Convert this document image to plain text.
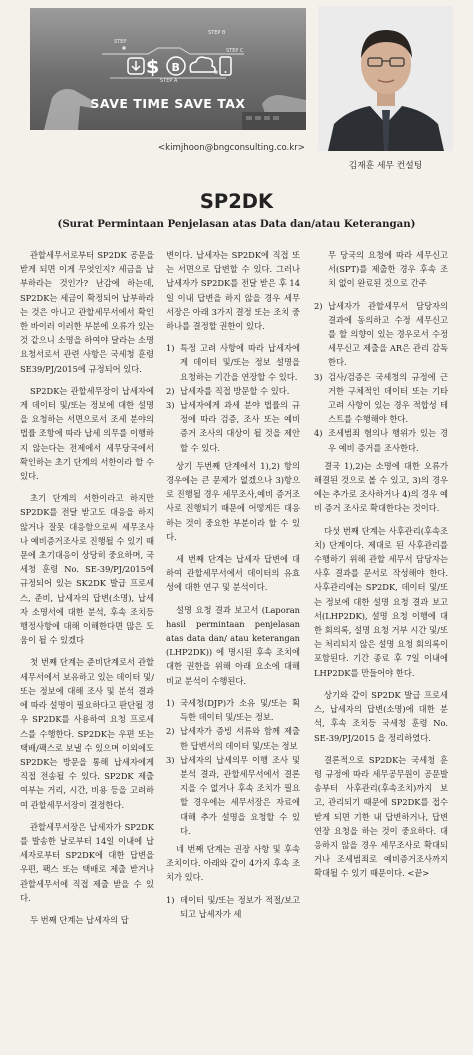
STEP
STEP B
STEP C
STEP A
$ B
SAVE TIME SAVE TAX
<kimjhoon@bngconsulting.co.kr>
김재훈 세무 컨설팅
SP2DK
(Surat Permintaan Penjelasan atas Data dan/atau Keterangan)

관할세무서로부터 SP2DK 공문을 받게 되면 이게 무엇인지? 세금을 납부하라는 것인가? 난감에 하는데, SP2DK는 세금이 확정되어 납부하라는 것은 아니고 관할세무서에서 확인한 바이러 이러한 부분에 오류가 있는 것 같으니 소명을 하여야 달라는 소명요청서로서 관련 사항은 국세청 훈령 SE39/PJ/2015에 규정되어 있다.

SP2DK는 관할세무장이 납세자에게 데이터 및/또는 정보에 대한 설명을 요청하는 서면으로서 조세 분야의 법률 조항에 따라 납세 의무를 이행하지 않는다는 전제에서 세무당국에서 확인하는 초기 단계의 서한이라 할 수 있다.

초기 단계의 서한이라고 하지만 SP2DK를 전달 받고도 대응을 하지 않거나 잘못 대응함으로써 세무조사나 예비증거조사로 진행될 수 있기 때문에 초기대응이 상당히 중요하며, 국세청 훈령 No. SE-39/PJ/2015에 규정되어 있는 SK2DK 발급 프로세스, 준비, 납세자의 답변(소명), 납세자 소명서에 대한 분석, 후속 조치등 행정사항에 대해 이해한다면 많은 도움이 될 수 있겠다

첫 번째 단계는 준비단계로서 관할세무서에서 보유하고 있는 데이터 및/또는 정보에 대해 조사 및 분석 결과에 따라 설명이 필요하다고 판단될 경우 SP2DK를 사용하여 요청 프로세스를 수행한다. SP2DK는 우편 또는 택배/팩스로 보낼 수 있으며 이외에도 SP2DK는 방문을 통해 납세자에게 직접 전송될 수 있다. SP2DK 제출 여부는 거리, 시간, 비용 등을 고려하여 관할세무서장이 결정한다.

관할세무서장은 납세자가 SP2DK를 발송한 날로부터 14일 이내에 납세자로부터 SP2DK에 대한 답변을 우편, 팩스 또는 택배로 제출 받거나 관할세무서에 직접 제출 받을 수 있다.

두 번째 단계는 납세자의 답

변이다. 납세자는 SP2DK에 직접 또는 서면으로 답변할 수 있다. 그러나 납세자가 SP2DK를 전달 받은 후 14일 이내 답변을 하지 않을 경우 세무서장은 아래 3가지 결정 또는 조치 중 하나를 결정할 권한이 있다.

1) 특정 고려 사항에 따라 납세자에게 데이터 및/또는 정보 설명을 요청하는 기간을 연장할 수 있다.
2) 납세자를 직접 방문할 수 있다.
3) 납세자에게 과세 분야 법률의 규정에 따라 검증, 조사 또는 예비 증거 조사의 대상이 될 것을 제안할 수 있다.

상기 두번째 단계에서 1),2) 항의 경우에는 큰 문제가 없겠으나 3)항으로 진행될 경우 세무조사,예비 증거조사로 진행되기 때문에 어떻게든 대응하는 것이 중요한 부분이라 할 수 있다.

세 번째 단계는 납세자 답변에 대하여 관할세무서에서 데이터의 유효성에 대한 연구 및 분석이다.

설명 요청 결과 보고서 (Laporan hasil permintaan penjelasan atas data dan/ atau keterangan (LHP2DK)) 에 명시된 후속 조치에 대한 권한을 위해 아래 요소에 대해 비교 분석이 수행된다.

1) 국세청(DJP)가 소유 및/또는 획득한 데이터 및/또는 정보.
2) 납세자가 증빙 서류와 함께 제출한 답변서의 데이터 및/또는 정보
3) 납세자의 납세의무 이행 조사 및 분석 결과, 관할세무서에서 결론지을 수 없거나 후속 조치가 필요할 경우에는 세무서장은 자료에 대해 추가 설명을 요청할 수 있다.

네 번째 단계는 권장 사항 및 후속 조치이다. 아래와 같이 4가지 후속 조치가 있다.

1) 데이터 및/또는 정보가 적절/보고되고 납세자가 세

무 당국의 요청에 따라 세무신고서(SPT)를 제출한 경우 후속 조치 없이 완료된 것으로 간주

2) 납세자가 관할세무서 담당자의 결과에 동의하고 수정 세무신고를 할 의향이 있는 경우로서 수정세무신고 제출을 AR은 관리 감독한다.
3) 검사/검증은 국세청의 규정에 근거한 구체적인 데이터 또는 기타 고려 사항이 있는 경우 적합성 테스트를 수행해야 한다.
4) 조세범죄 혐의나 행위가 있는 경우 예비 증거를 조사한다.

결국 1),2)는 소명에 대한 오류가 해결된 것으로 볼 수 있고, 3)의 경우에는 추가로 조사하거나 4)의 경우 예비 증거 조사로 확대한다는 것이다.

다섯 번째 단계는 사후관리(후속조치) 단계이다. 제대로 된 사후관리를 수행하기 위해 관할 세무서 담당자는 사후 결과를 문서로 작성해야 한다. 사후관리에는 SP2DK, 데이터 및/또는 정보에 대한 설명 요청 결과 보고서(LHP2DK), 설명 요청 이행에 대한 회의록, 설명 요청 거부 시간 및/또는 처리되지 않은 설명 요청 회의록이 포함된다. 기간 종료 후 7일 이내에 LHP2DK를 만들어야 한다.

상기와 같이 SP2DK 발급 프로세스, 납세자의 답변(소명)에 대한 분석, 후속 조치등 국세청 훈령 No. SE-39/PJ/2015 을 정리하였다.

결론적으로 SP2DK는 국세청 훈령 규정에 따라 세무공무원이 공문발송부터 사후관리(후속조치)까지 보고, 관리되기 때문에 SP2DK를 접수 받게 되면 기한 내 답변하거나, 답변 연장 요청을 하는 것이 중요하다. 대응하지 않을 경우 세무조사로 확대되거나 조세범죄로 예비증거조사까지 확대될 수 있기 때문이다. <끝>
